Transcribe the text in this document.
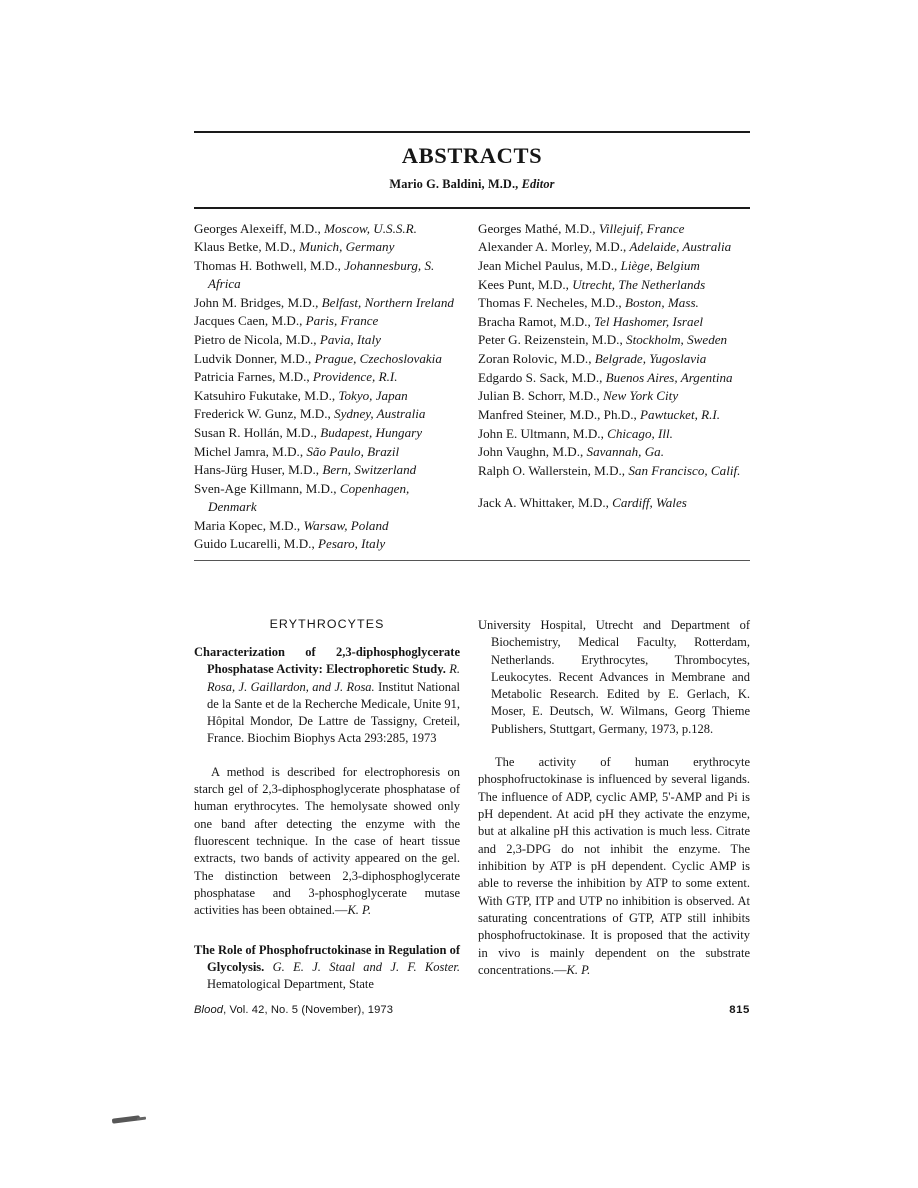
ABSTRACTS
Mario G. Baldini, M.D., Editor
Georges Alexeiff, M.D., Moscow, U.S.S.R.
Klaus Betke, M.D., Munich, Germany
Thomas H. Bothwell, M.D., Johannesburg, S. Africa
John M. Bridges, M.D., Belfast, Northern Ireland
Jacques Caen, M.D., Paris, France
Pietro de Nicola, M.D., Pavia, Italy
Ludvik Donner, M.D., Prague, Czechoslovakia
Patricia Farnes, M.D., Providence, R.I.
Katsuhiro Fukutake, M.D., Tokyo, Japan
Frederick W. Gunz, M.D., Sydney, Australia
Susan R. Hollán, M.D., Budapest, Hungary
Michel Jamra, M.D., São Paulo, Brazil
Hans-Jürg Huser, M.D., Bern, Switzerland
Sven-Age Killmann, M.D., Copenhagen, Denmark
Maria Kopec, M.D., Warsaw, Poland
Guido Lucarelli, M.D., Pesaro, Italy
Georges Mathé, M.D., Villejuif, France
Alexander A. Morley, M.D., Adelaide, Australia
Jean Michel Paulus, M.D., Liège, Belgium
Kees Punt, M.D., Utrecht, The Netherlands
Thomas F. Necheles, M.D., Boston, Mass.
Bracha Ramot, M.D., Tel Hashomer, Israel
Peter G. Reizenstein, M.D., Stockholm, Sweden
Zoran Rolovic, M.D., Belgrade, Yugoslavia
Edgardo S. Sack, M.D., Buenos Aires, Argentina
Julian B. Schorr, M.D., New York City
Manfred Steiner, M.D., Ph.D., Pawtucket, R.I.
John E. Ultmann, M.D., Chicago, Ill.
John Vaughn, M.D., Savannah, Ga.
Ralph O. Wallerstein, M.D., San Francisco, Calif.
Jack A. Whittaker, M.D., Cardiff, Wales
ERYTHROCYTES
Characterization of 2,3-diphosphoglycerate Phosphatase Activity: Electrophoretic Study. R. Rosa, J. Gaillardon, and J. Rosa. Institut National de la Sante et de la Recherche Medicale, Unite 91, Hôpital Mondor, De Lattre de Tassigny, Creteil, France. Biochim Biophys Acta 293:285, 1973
A method is described for electrophoresis on starch gel of 2,3-diphosphoglycerate phosphatase of human erythrocytes. The hemolysate showed only one band after detecting the enzyme with the fluorescent technique. In the case of heart tissue extracts, two bands of activity appeared on the gel. The distinction between 2,3-diphosphoglycerate phosphatase and 3-phosphoglycerate mutase activities has been obtained.—K. P.
The Role of Phosphofructokinase in Regulation of Glycolysis. G. E. J. Staal and J. F. Koster. Hematological Department, State
University Hospital, Utrecht and Department of Biochemistry, Medical Faculty, Rotterdam, Netherlands. Erythrocytes, Thrombocytes, Leukocytes. Recent Advances in Membrane and Metabolic Research. Edited by E. Gerlach, K. Moser, E. Deutsch, W. Wilmans, Georg Thieme Publishers, Stuttgart, Germany, 1973, p.128.
The activity of human erythrocyte phosphofructokinase is influenced by several ligands. The influence of ADP, cyclic AMP, 5'-AMP and Pi is pH dependent. At acid pH they activate the enzyme, but at alkaline pH this activation is much less. Citrate and 2,3-DPG do not inhibit the enzyme. The inhibition by ATP is pH dependent. Cyclic AMP is able to reverse the inhibition by ATP to some extent. With GTP, ITP and UTP no inhibition is observed. At saturating concentrations of GTP, ATP still inhibits phosphofructokinase. It is proposed that the activity in vivo is mainly dependent on the substrate concentrations.—K. P.
Blood, Vol. 42, No. 5 (November), 1973	815
